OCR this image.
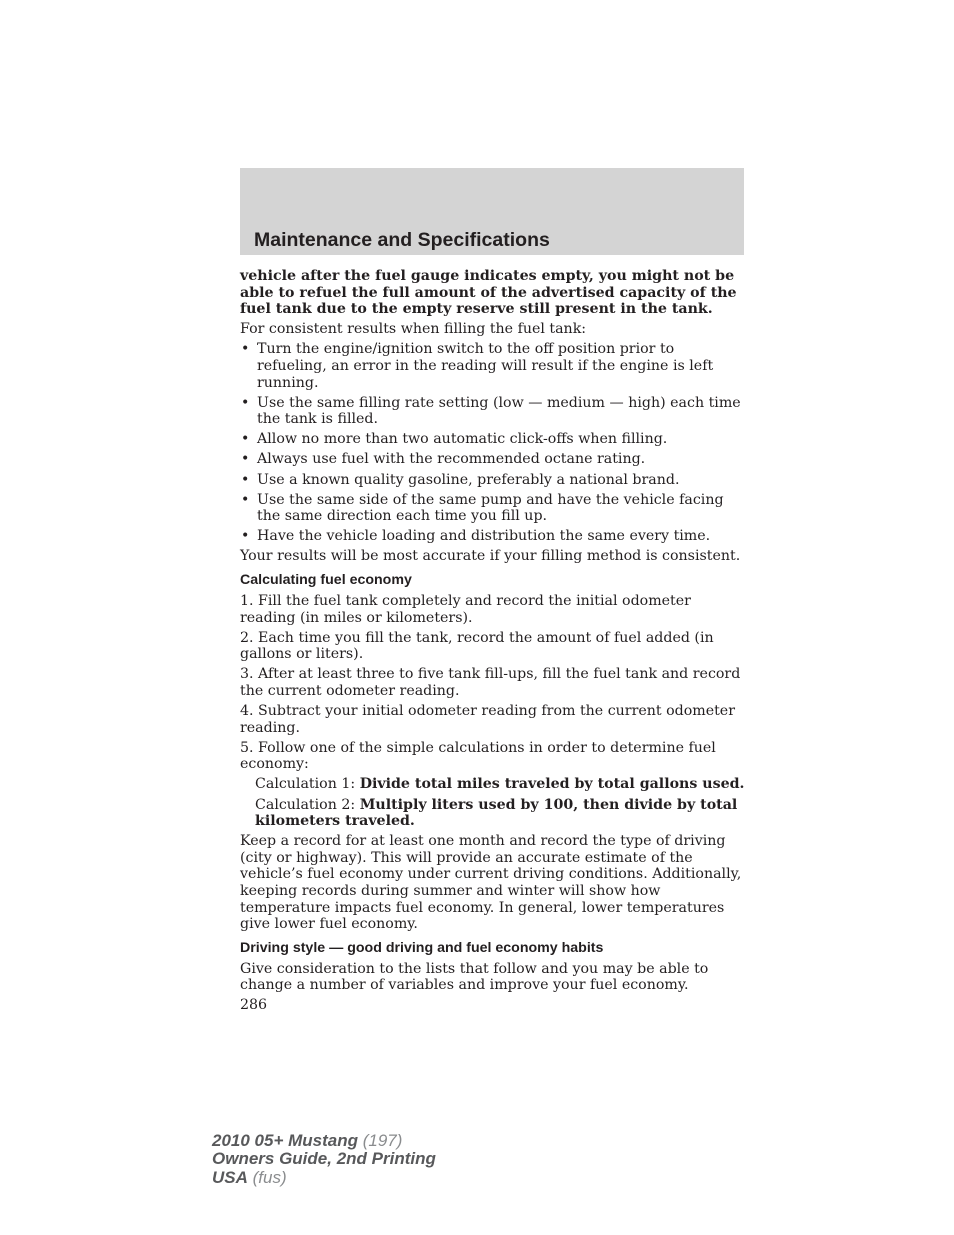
Maintenance and Specifications

vehicle after the fuel gauge indicates empty, you might not be able to refuel the full amount of the advertised capacity of the fuel tank due to the empty reserve still present in the tank.

For consistent results when filling the fuel tank:

• Turn the engine/ignition switch to the off position prior to refueling, an error in the reading will result if the engine is left running.
• Use the same filling rate setting (low — medium — high) each time the tank is filled.
• Allow no more than two automatic click-offs when filling.
• Always use fuel with the recommended octane rating.
• Use a known quality gasoline, preferably a national brand.
• Use the same side of the same pump and have the vehicle facing the same direction each time you fill up.
• Have the vehicle loading and distribution the same every time.

Your results will be most accurate if your filling method is consistent.

Calculating fuel economy

1. Fill the fuel tank completely and record the initial odometer reading (in miles or kilometers).

2. Each time you fill the tank, record the amount of fuel added (in gallons or liters).

3. After at least three to five tank fill-ups, fill the fuel tank and record the current odometer reading.

4. Subtract your initial odometer reading from the current odometer reading.

5. Follow one of the simple calculations in order to determine fuel economy:

Calculation 1: Divide total miles traveled by total gallons used.

Calculation 2: Multiply liters used by 100, then divide by total kilometers traveled.

Keep a record for at least one month and record the type of driving (city or highway). This will provide an accurate estimate of the vehicle’s fuel economy under current driving conditions. Additionally, keeping records during summer and winter will show how temperature impacts fuel economy. In general, lower temperatures give lower fuel economy.

Driving style — good driving and fuel economy habits

Give consideration to the lists that follow and you may be able to change a number of variables and improve your fuel economy.

286

2010 05+ Mustang (197)
Owners Guide, 2nd Printing
USA (fus)
